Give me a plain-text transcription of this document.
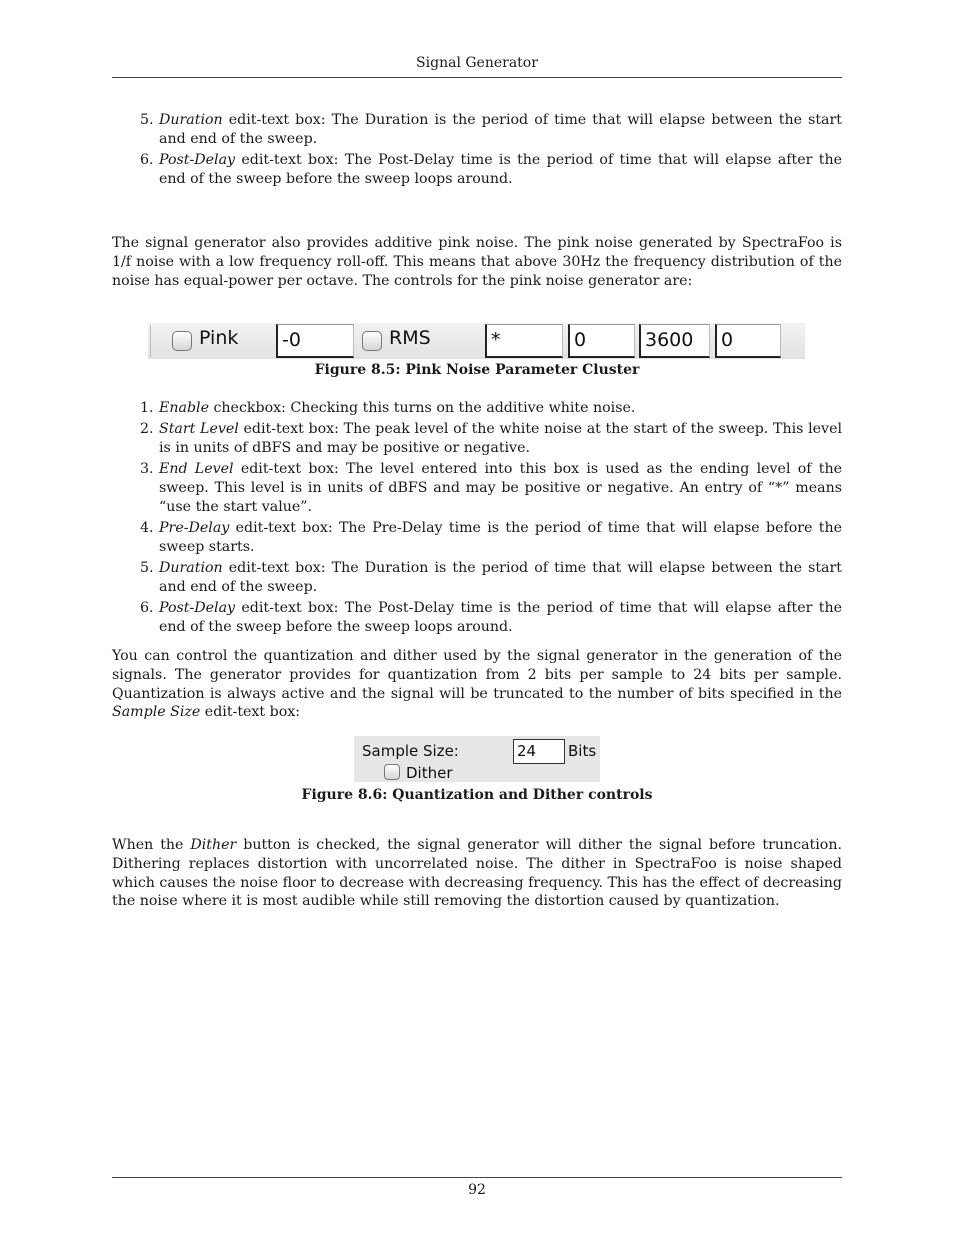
Signal Generator
5. Duration edit-text box: The Duration is the period of time that will elapse between the start and end of the sweep.
6. Post-Delay edit-text box: The Post-Delay time is the period of time that will elapse after the end of the sweep before the sweep loops around.

The signal generator also provides additive pink noise. The pink noise generated by SpectraFoo is 1/f noise with a low frequency roll-off. This means that above 30Hz the frequency distribution of the noise has equal-power per octave. The controls for the pink noise generator are:

Pink	-0	RMS	*	0	3600	0
Figure 8.5: Pink Noise Parameter Cluster
1. Enable checkbox: Checking this turns on the additive white noise.
2. Start Level edit-text box: The peak level of the white noise at the start of the sweep. This level is in units of dBFS and may be positive or negative.
3. End Level edit-text box: The level entered into this box is used as the ending level of the sweep. This level is in units of dBFS and may be positive or negative. An entry of “*” means “use the start value”.
4. Pre-Delay edit-text box: The Pre-Delay time is the period of time that will elapse before the sweep starts.
5. Duration edit-text box: The Duration is the period of time that will elapse between the start and end of the sweep.
6. Post-Delay edit-text box: The Post-Delay time is the period of time that will elapse after the end of the sweep before the sweep loops around.

You can control the quantization and dither used by the signal generator in the generation of the signals. The generator provides for quantization from 2 bits per sample to 24 bits per sample. Quantization is always active and the signal will be truncated to the number of bits specified in the Sample Size edit-text box:

Sample Size:	24	Bits
Dither
Figure 8.6: Quantization and Dither controls

When the Dither button is checked, the signal generator will dither the signal before truncation. Dithering replaces distortion with uncorrelated noise. The dither in SpectraFoo is noise shaped which causes the noise floor to decrease with decreasing frequency. This has the effect of decreasing the noise where it is most audible while still removing the distortion caused by quantization.

92
